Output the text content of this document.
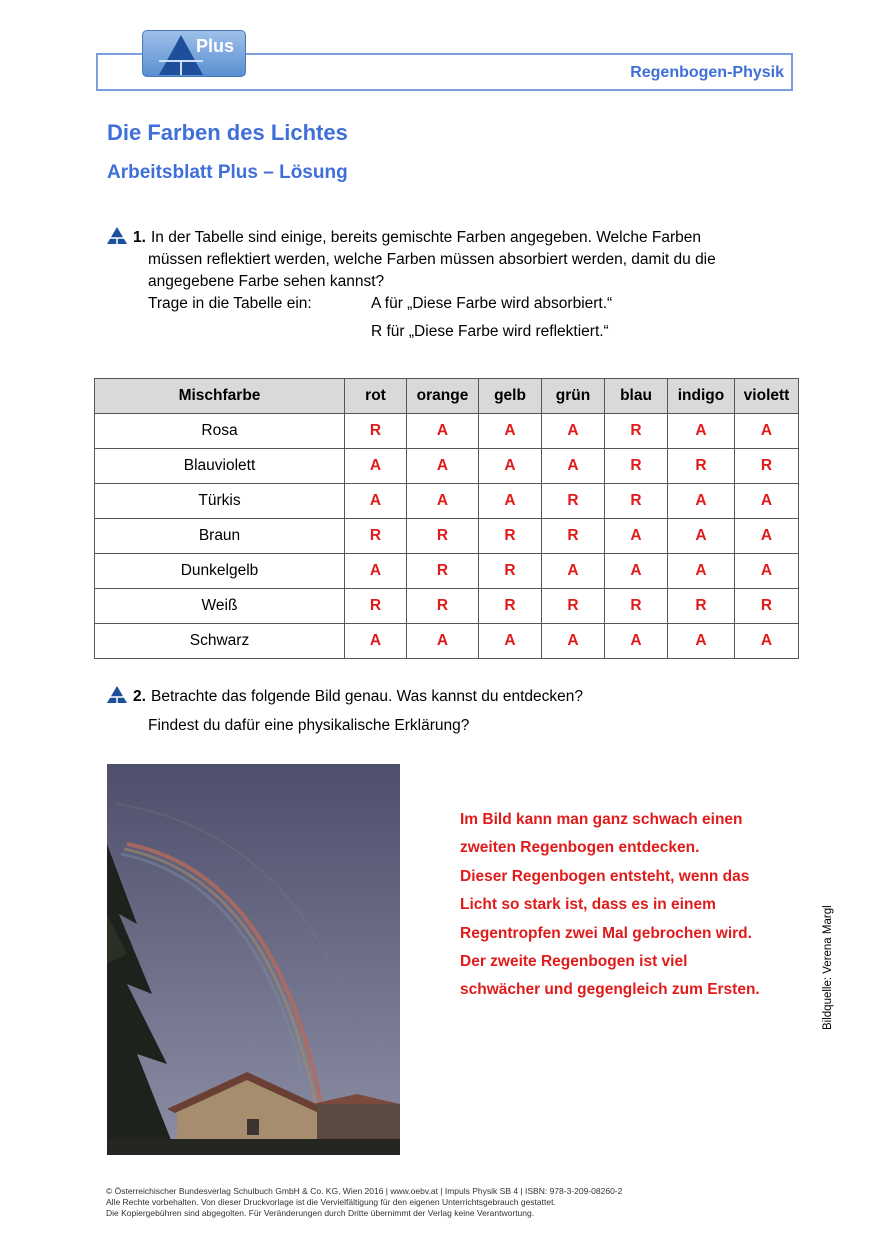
Regenbogen-Physik
Plus
Die Farben des Lichtes
Arbeitsblatt Plus – Lösung
1. In der Tabelle sind einige, bereits gemischte Farben angegeben. Welche Farben
müssen reflektiert werden, welche Farben müssen absorbiert werden, damit du die
angegebene Farbe sehen kannst?
Trage in die Tabelle ein:	A für „Diese Farbe wird absorbiert.“
R für „Diese Farbe wird reflektiert.“
Mischfarbe	rot	orange	gelb	grün	blau	indigo	violett
Rosa	R	A	A	A	R	A	A
Blauviolett	A	A	A	A	R	R	R
Türkis	A	A	A	R	R	A	A
Braun	R	R	R	R	A	A	A
Dunkelgelb	A	R	R	A	A	A	A
Weiß	R	R	R	R	R	R	R
Schwarz	A	A	A	A	A	A	A
2. Betrachte das folgende Bild genau. Was kannst du entdecken?
Findest du dafür eine physikalische Erklärung?
Im Bild kann man ganz schwach einen
zweiten Regenbogen entdecken.
Dieser Regenbogen entsteht, wenn das
Licht so stark ist, dass es in einem
Regentropfen zwei Mal gebrochen wird.
Der zweite Regenbogen ist viel
schwächer und gegengleich zum Ersten.	Bildquelle: Verena Margl
© Österreichischer Bundesverlag Schulbuch GmbH & Co. KG, Wien 2016 | www.oebv.at | Impuls Physik SB 4 | ISBN: 978-3-209-08260-2
Alle Rechte vorbehalten. Von dieser Druckvorlage ist die Vervielfältigung für den eigenen Unterrichtsgebrauch gestattet.
Die Kopiergebühren sind abgegolten. Für Veränderungen durch Dritte übernimmt der Verlag keine Verantwortung.
